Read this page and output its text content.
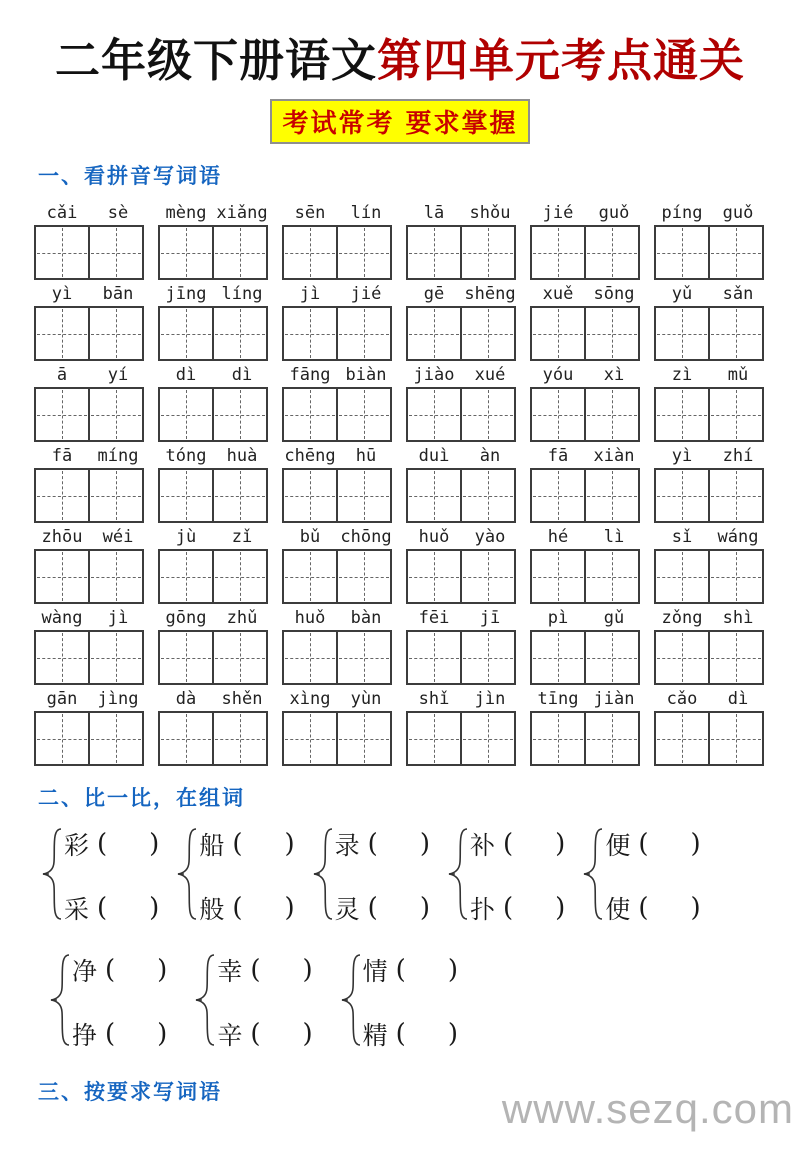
二年级下册语文第四单元考点通关
考试常考 要求掌握
一、看拼音写词语
cǎi	sè	mèng xiǎng	sēn	lín	lā	shǒu	jié	guǒ	píng	guǒ
yì	bān	jīng líng	jì	jié	gē	shēng	xuě	sōng	yǔ	sǎn
ā	yí	dì	dì	fāng biàn	jiào	xué	yóu	xì	zì	mǔ
fā	míng	tóng	huà	chēng	hū	duì	àn	fā	xiàn	yì	zhí
zhōu	wéi	jù	zǐ	bǔ	chōng	huǒ	yào	hé	lì	sǐ	wáng
wàng	jì	gōng	zhǔ	huǒ	bàn	fēi	jī	pì	gǔ	zǒng	shì
gān	jìng	dà	shěn	xìng	yùn	shǐ	jìn	tīng jiàn	cǎo	dì
二、比一比，在组词
彩 ( )
采 ( )
船 ( )
般 ( )
录 ( )
灵 ( )
补 ( )
扑 ( )
便 ( )
使 ( )
净 ( )
挣 ( )
幸 ( )
辛 ( )
情 ( )
精 ( )
三、按要求写词语	www.sezq.com
